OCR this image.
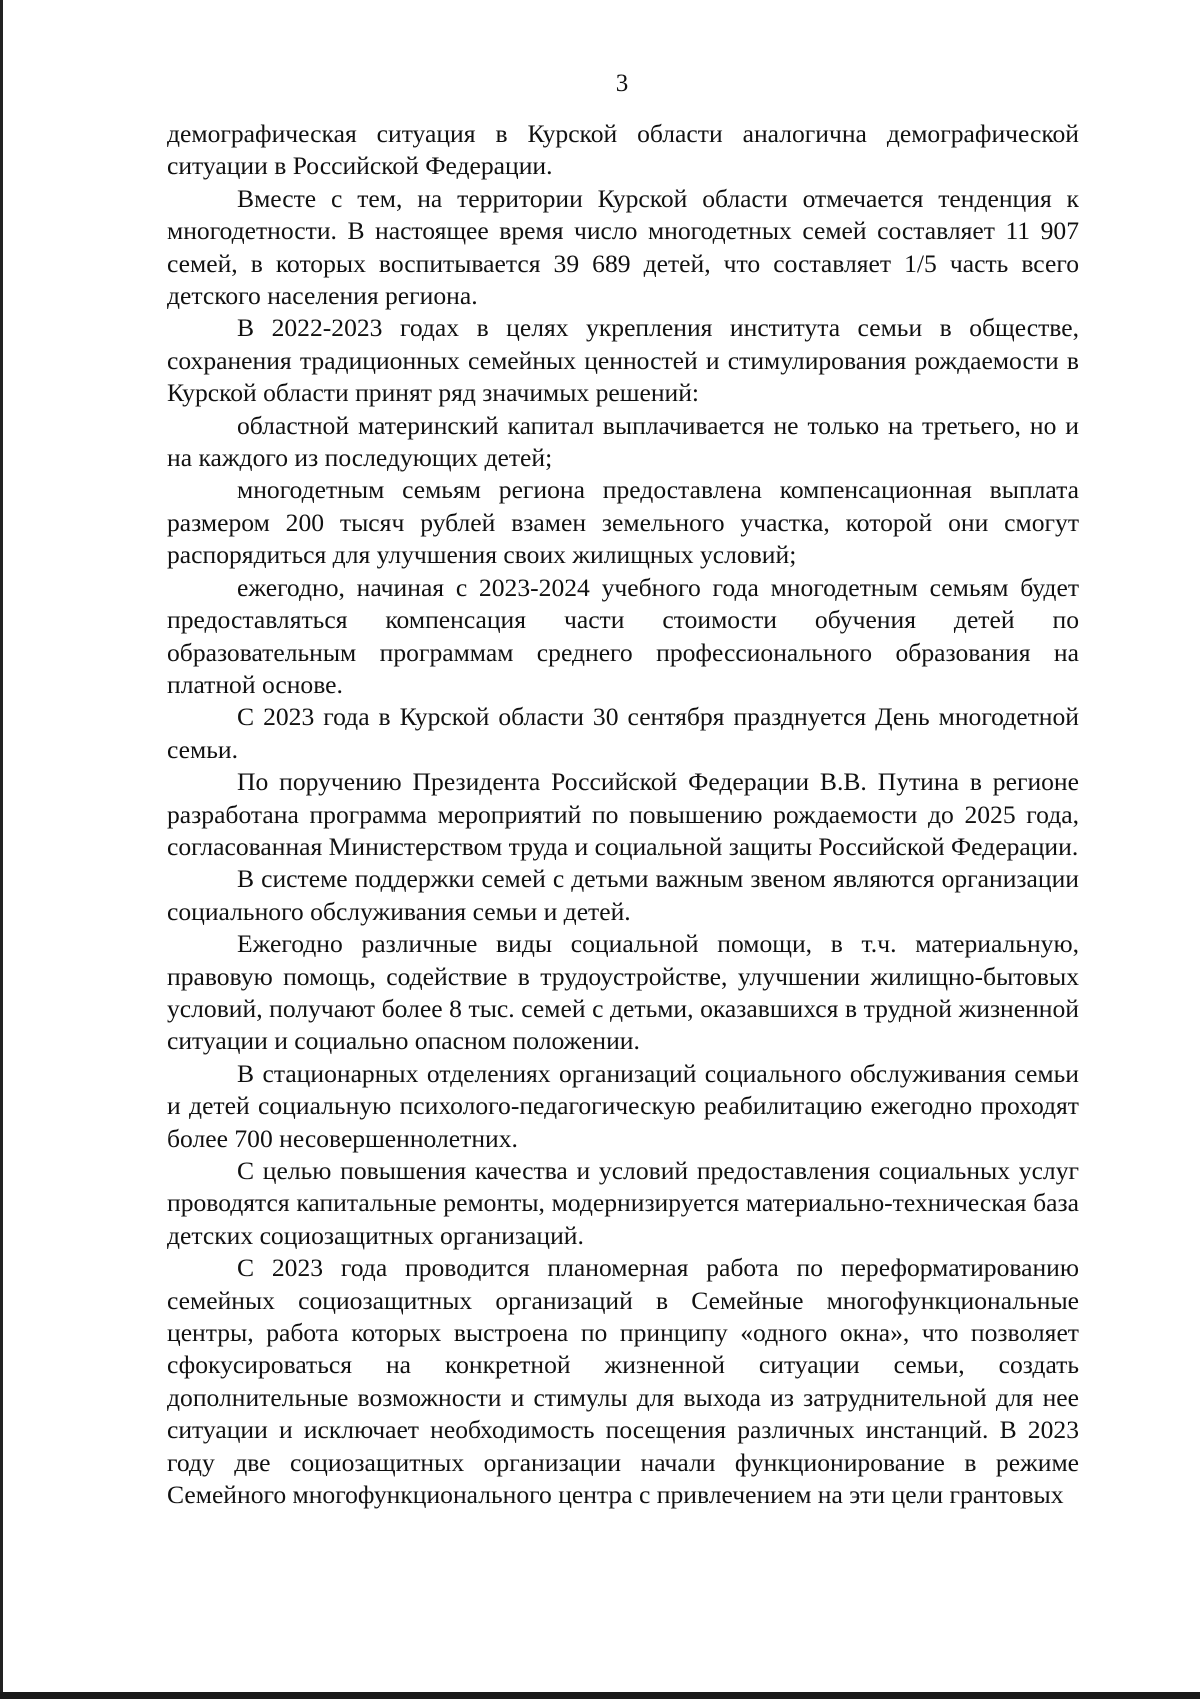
3

демографическая ситуация в Курской области аналогична демографической ситуации в Российской Федерации.

Вместе с тем, на территории Курской области отмечается тенденция к многодетности. В настоящее время число многодетных семей составляет 11 907 семей, в которых воспитывается 39 689 детей, что составляет 1/5 часть всего детского населения региона.

В 2022-2023 годах в целях укрепления института семьи в обществе, сохранения традиционных семейных ценностей и стимулирования рождаемости в Курской области принят ряд значимых решений:

областной материнский капитал выплачивается не только на третьего, но и на каждого из последующих детей;

многодетным семьям региона предоставлена компенсационная выплата размером 200 тысяч рублей взамен земельного участка, которой они смогут распорядиться для улучшения своих жилищных условий;

ежегодно, начиная с 2023-2024 учебного года многодетным семьям будет предоставляться компенсация части стоимости обучения детей по образовательным программам среднего профессионального образования на платной основе.

С 2023 года в Курской области 30 сентября празднуется День многодетной семьи.

По поручению Президента Российской Федерации В.В. Путина в регионе разработана программа мероприятий по повышению рождаемости до 2025 года, согласованная Министерством труда и социальной защиты Российской Федерации.

В системе поддержки семей с детьми важным звеном являются организации социального обслуживания семьи и детей.

Ежегодно различные виды социальной помощи, в т.ч. материальную, правовую помощь, содействие в трудоустройстве, улучшении жилищно-бытовых условий, получают более 8 тыс. семей с детьми, оказавшихся в трудной жизненной ситуации и социально опасном положении.

В стационарных отделениях организаций социального обслуживания семьи и детей социальную психолого-педагогическую реабилитацию ежегодно проходят более 700 несовершеннолетних.

С целью повышения качества и условий предоставления социальных услуг проводятся капитальные ремонты, модернизируется материально-техническая база детских социозащитных организаций.

С 2023 года проводится планомерная работа по переформатированию семейных социозащитных организаций в Семейные многофункциональные центры, работа которых выстроена по принципу «одного окна», что позволяет сфокусироваться на конкретной жизненной ситуации семьи, создать дополнительные возможности и стимулы для выхода из затруднительной для нее ситуации и исключает необходимость посещения различных инстанций. В 2023 году две социозащитных организации начали функционирование в режиме Семейного многофункционального центра с привлечением на эти цели грантовых
